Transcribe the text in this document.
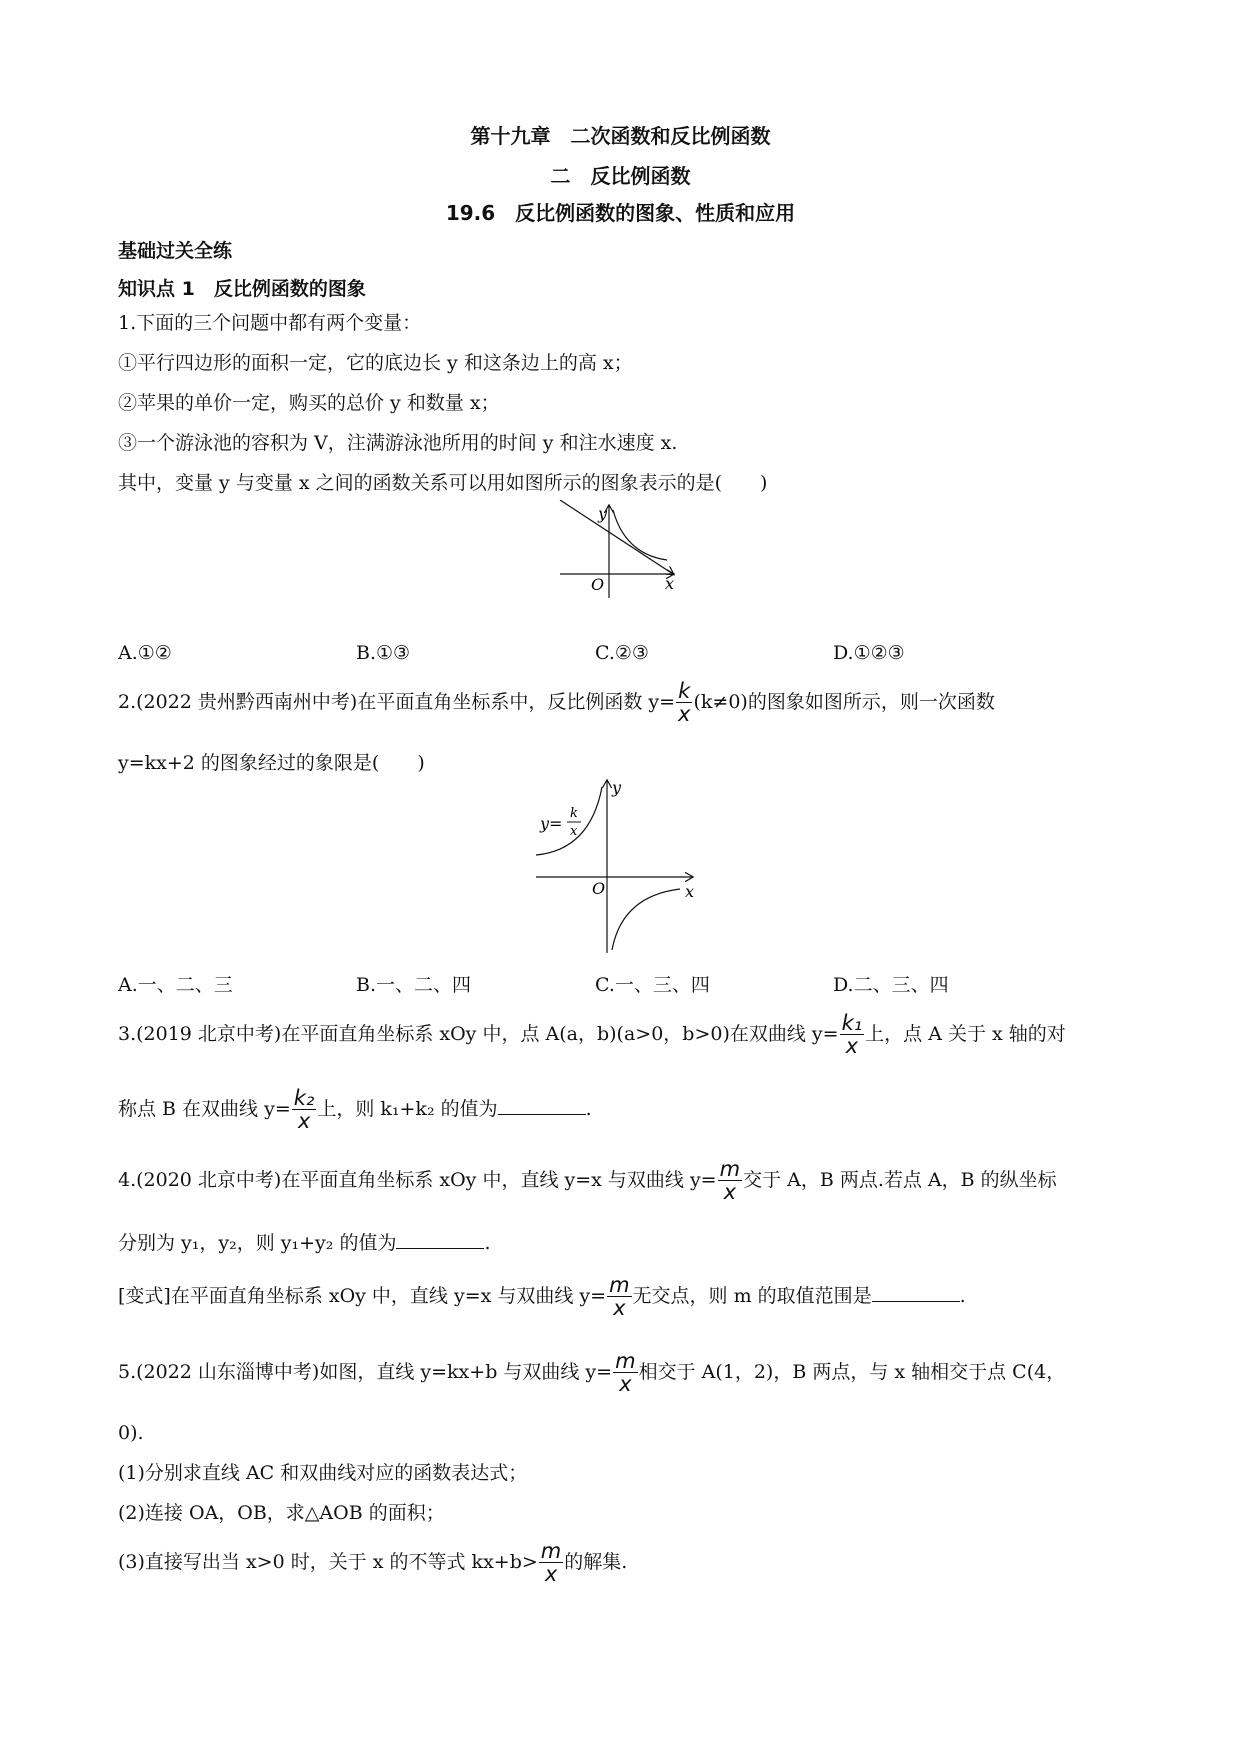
第十九章　二次函数和反比例函数
二　反比例函数
19.6　反比例函数的图象、性质和应用
基础过关全练
知识点 1　反比例函数的图象
1.下面的三个问题中都有两个变量：
①平行四边形的面积一定，它的底边长 y 和这条边上的高 x；
②苹果的单价一定，购买的总价 y 和数量 x；
③一个游泳池的容积为 V，注满游泳池所用的时间 y 和注水速度 x.
其中，变量 y 与变量 x 之间的函数关系可以用如图所示的图象表示的是(　　)
y
x
O
A.①②	B.①③	C.②③	D.①②③
2.(2022 贵州黔西南州中考)在平面直角坐标系中，反比例函数 $y= \frac{k}{x} (k\ne 0)$的图象如图所示，则一次函数
y=kx+2 的图象经过的象限是(　　)
y
x
O
y=
k
x
A.一、二、三	B.一、二、四	C.一、三、四	D.二、三、四
3.(2019 北京中考)在平面直角坐标系 xOy 中，点 A(a，b)(a>0，b>0)在双曲线 $y= \frac{\text{k₁}}{x}$ 上，点 A 关于 x 轴的对
称点 B 在双曲线 $y= \frac{\text{k₂}}{x}$ 上，则 k₁+k₂ 的值为	.
4.(2020 北京中考)在平面直角坐标系 xOy 中，直线 y=x 与双曲线 $y= \frac{m}{x}$ 交于 A，B 两点.若点 A，B 的纵坐标
分别为 y₁，y₂，则 y₁+y₂ 的值为	.
[变式]在平面直角坐标系 xOy 中，直线 y=x 与双曲线 $y= \frac{m}{x}$ 无交点，则 m 的取值范围是	.
5.(2022 山东淄博中考)如图，直线 y=kx+b 与双曲线 $y= \frac{m}{x}$ 相交于 A(1，2)，B 两点，与 x 轴相交于点 C(4，
0).
(1)分别求直线 AC 和双曲线对应的函数表达式；
(2)连接 OA，OB，求△AOB 的面积；
(3)直接写出当 x>0 时，关于 x 的不等式 $kx+b> \frac{m}{x}$ 的解集.
